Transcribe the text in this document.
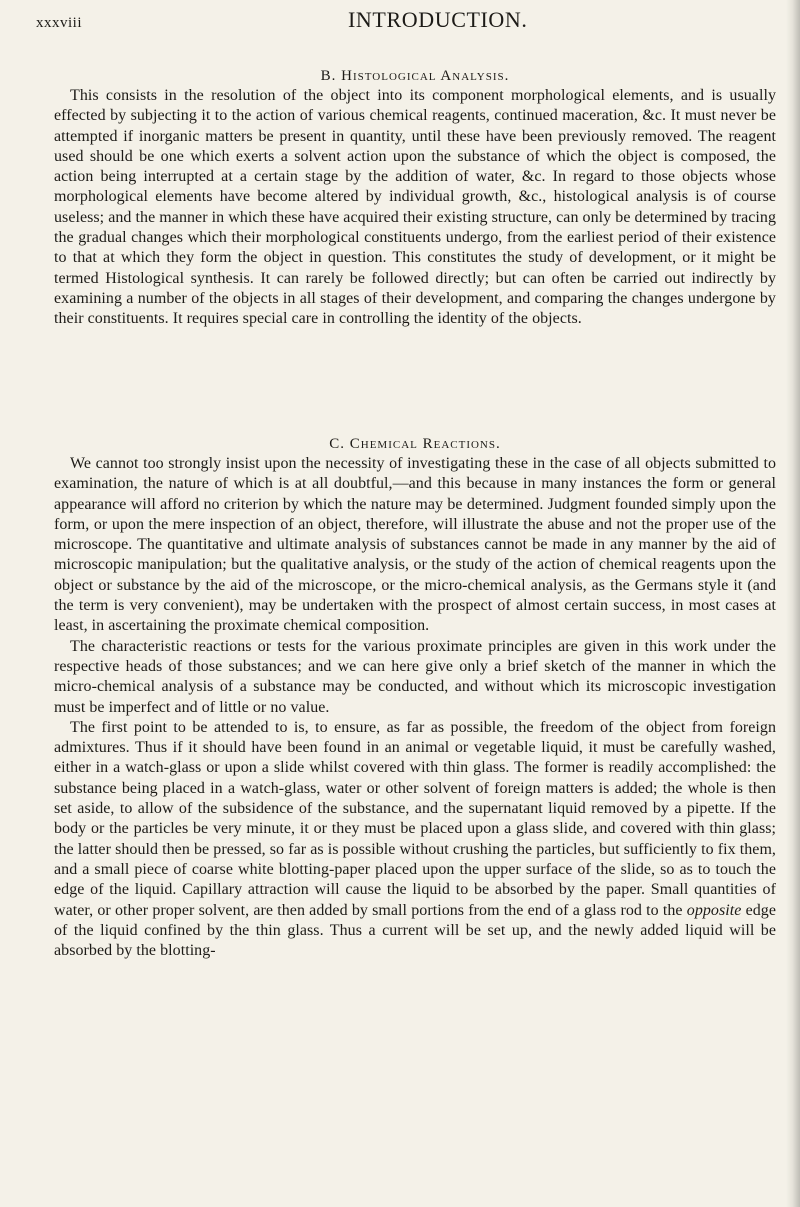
xxxviii	INTRODUCTION.
B. Histological Analysis.

This consists in the resolution of the object into its component morphological elements, and is usually effected by subjecting it to the action of various chemical reagents, continued maceration, &c. It must never be attempted if inorganic matters be present in quantity, until these have been previously removed. The reagent used should be one which exerts a solvent action upon the substance of which the object is composed, the action being interrupted at a certain stage by the addition of water, &c. In regard to those objects whose morphological elements have become altered by individual growth, &c., histological analysis is of course useless; and the manner in which these have acquired their existing structure, can only be determined by tracing the gradual changes which their morphological constituents undergo, from the earliest period of their existence to that at which they form the object in question. This constitutes the study of development, or it might be termed Histological synthesis. It can rarely be followed directly; but can often be carried out indirectly by examining a number of the objects in all stages of their development, and comparing the changes undergone by their constituents. It requires special care in controlling the identity of the objects.

C. Chemical Reactions.

We cannot too strongly insist upon the necessity of investigating these in the case of all objects submitted to examination, the nature of which is at all doubtful,—and this because in many instances the form or general appearance will afford no criterion by which the nature may be determined. Judgment founded simply upon the form, or upon the mere inspection of an object, therefore, will illustrate the abuse and not the proper use of the microscope. The quantitative and ultimate analysis of substances cannot be made in any manner by the aid of microscopic manipulation; but the qualitative analysis, or the study of the action of chemical reagents upon the object or substance by the aid of the microscope, or the micro-chemical analysis, as the Germans style it (and the term is very convenient), may be undertaken with the prospect of almost certain success, in most cases at least, in ascertaining the proximate chemical composition.

The characteristic reactions or tests for the various proximate principles are given in this work under the respective heads of those substances; and we can here give only a brief sketch of the manner in which the micro-chemical analysis of a substance may be conducted, and without which its microscopic investigation must be imperfect and of little or no value.

The first point to be attended to is, to ensure, as far as possible, the freedom of the object from foreign admixtures. Thus if it should have been found in an animal or vegetable liquid, it must be carefully washed, either in a watch-glass or upon a slide whilst covered with thin glass. The former is readily accomplished: the substance being placed in a watch-glass, water or other solvent of foreign matters is added; the whole is then set aside, to allow of the subsidence of the substance, and the supernatant liquid removed by a pipette. If the body or the particles be very minute, it or they must be placed upon a glass slide, and covered with thin glass; the latter should then be pressed, so far as is possible without crushing the particles, but sufficiently to fix them, and a small piece of coarse white blotting-paper placed upon the upper surface of the slide, so as to touch the edge of the liquid. Capillary attraction will cause the liquid to be absorbed by the paper. Small quantities of water, or other proper solvent, are then added by small portions from the end of a glass rod to the opposite edge of the liquid confined by the thin glass. Thus a current will be set up, and the newly added liquid will be absorbed by the blotting-
